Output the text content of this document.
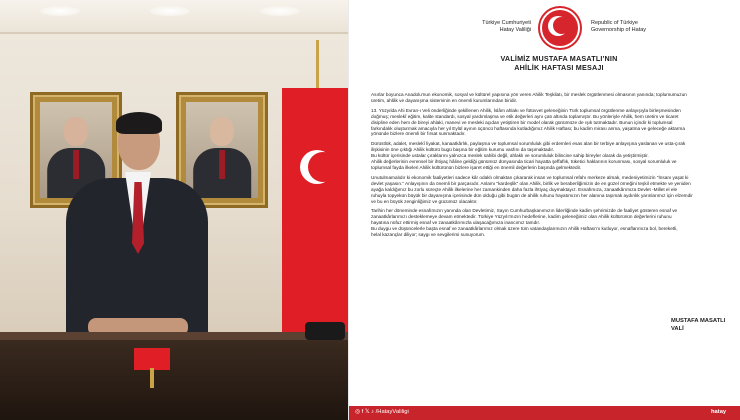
Türkiye Cumhuriyeti
Hatay Valiliği
Republic of Türkiye
Governorship of Hatay
VALİMİZ MUSTAFA MASATLI'NIN
AHİLİK HAFTASI MESAJI

Asırlar boyunca Anadolu'nun ekonomik, sosyal ve kültürel yapısına yön veren Ahilik Teşkilatı, bir meslek örgütlenmesi olmasının yanında; toplumumuzun
üretim, ahlâk ve dayanışma sisteminin en önemli kurumlarından biridir.

13. Yüzyılda Ahi Evran-ı Veli önderliğinde şekillenen Ahilik, İslâm ahlakı ve fütüvvet geleneğinin Türk toplumsal örgütlenme anlayışıyla birleşmesinden
doğmuş; meslekî eğitim, kalite standardı, sosyal yardımlaşma ve etik değerleri aynı çatı altında toplamıştır. Bu yönleriyle Ahilik, hem üretim ve ticaret
disipline eden hem de bireyi ahlaki, manevi ve mesleki açıdan yetiştiren bir model olarak günümüze de ışık tutmaktadır. Bunun içindir ki toplumsal
farkındalık oluşturmak amacıyla her yıl Eylül ayının üçüncü haftasında kutladığımız Ahilik Haftası; bu kadim mirası anma, yaşatma ve geleceğe aktarma
yönünde bizlere önemli bir fırsat sunmaktadır.

Dürüstlük, adalet, meslekî liyakat, kanaatkârlık, paylaşma ve toplumsal sorumluluk gibi erdemleri esas alan bir terbiye anlayışına yaslanan ve usta-çırak
ilişkisinin öne çıktığı Ahilik kültürü bugü başına bir eğitim kurumu vasfını da taşımaktadır.
Bu kültür içerisinde ustalar çıraklarını yalnızca meslek sahibi değil, ahlaklı ve sorumluluk bilincine sahip bireyler olarak da yetiştirmiştir.
Ahilik değerlerinin evrensel bir ihtiyaç hâline geldiği günümüz dünyasında ticari hayatta şeffaflık, tüketici haklarının korunması, sosyal sorumluluk ve
toplumsal fayda ilkeleri Ahilik kültürünün bizlere işaret ettiği en önemli değerlerin başında gelmektedir.

Unutulmamalıdır ki ekonomik faaliyetleri sadece kâr odaklı olmaktan çıkararak insan ve toplumsal refahı merkeze almak, medeniyetimizin "İnsanı yaşat ki
devlet yaşasın." Anlayışının da önemli bir parçasıdır. Anlamı "kardeşlik" olan Ahilik, birlik ve beraberliğimizin de en güzel örneğini teşkil etmekte ve yeniden
ayağa kaldığımız bu zorlu süreçte Ahilik ilkelerine her zamankinden daha fazla ihtiyaç duymaktayız. Esnafımıza, zanaatkârımıza Devlet -Millet el ele
ruhuyla topyekün büyük bir dayanışma içerisinde dün olduğu gibi bugün de ahilik ruhunu hayatımızın her alanına taşımak aydınlık yarınlarımız için elzemdir
ve bu en büyük zenginliğimiz ve gücümüz olacaktır.

Tarihin her döneminde esnafımızın yanında olan Devletimiz, Sayın Cumhurbaşkanımızın liderliğinde kadim şehrimizde de faaliyet gösteren esnaf ve
zanaatkârlarımızı desteklemeye devam etmektedir. Türkiye Yüzyılı'mızın hedeflerine, kadim geleneğimiz olan Ahilik kültürünün değerlerini ruhunu
hayatına nüfuz ettirmiş esnaf ve zanaatkârımızla ulaşacağımıza inancımız tamdır.
Bu duygu ve düşüncelerle başta esnaf ve zanaatkârlarımız olmak üzere tüm vatandaşlarımızın Ahilik Haftası'nı kutluyor, esnaflarımıza bol, bereketli,
helal kazançlar diliyor; saygı ve sevgilerimi sunuyorum.

MUSTAFA MASATLI
VALİ
◎ f 𝕏 ♪ /HatayValiligi	hatay
